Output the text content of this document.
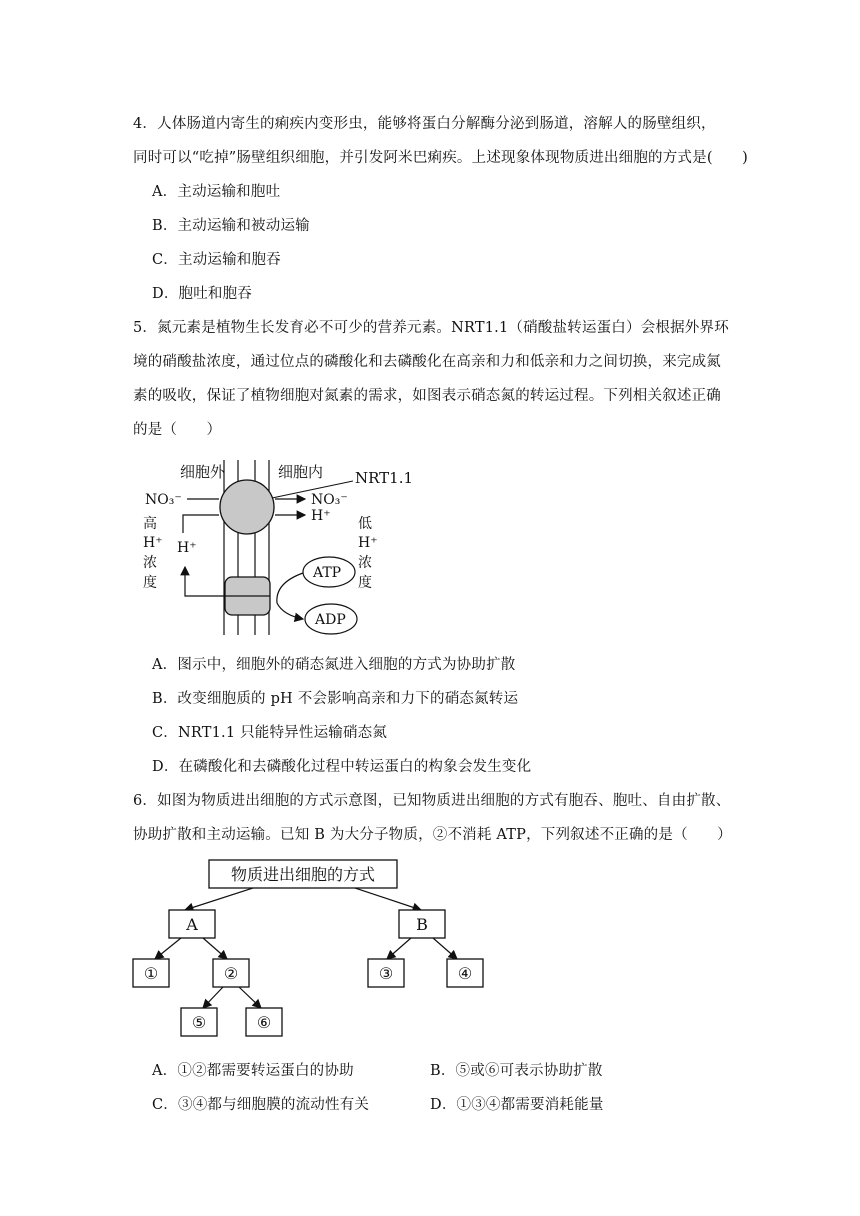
4．人体肠道内寄生的痢疾内变形虫，能够将蛋白分解酶分泌到肠道，溶解人的肠壁组织，
同时可以“吃掉”肠壁组织细胞，并引发阿米巴痢疾。上述现象体现物质进出细胞的方式是(　　)
A．主动运输和胞吐
B．主动运输和被动运输
C．主动运输和胞吞
D．胞吐和胞吞
5．氮元素是植物生长发育必不可少的营养元素。NRT1.1（硝酸盐转运蛋白）会根据外界环
境的硝酸盐浓度，通过位点的磷酸化和去磷酸化在高亲和力和低亲和力之间切换，来完成氮
素的吸收，保证了植物细胞对氮素的需求，如图表示硝态氮的转运过程。下列相关叙述正确
的是（　　）
细胞外	细胞内 NRT1.1
NO₃⁻	NO₃⁻
H⁺
H⁺
高
H⁺
浓
度
低
H⁺
浓
度
ATP
ADP
A．图示中，细胞外的硝态氮进入细胞的方式为协助扩散
B．改变细胞质的 pH 不会影响高亲和力下的硝态氮转运
C．NRT1.1 只能特异性运输硝态氮
D．在磷酸化和去磷酸化过程中转运蛋白的构象会发生变化
6．如图为物质进出细胞的方式示意图，已知物质进出细胞的方式有胞吞、胞吐、自由扩散、
协助扩散和主动运输。已知 B 为大分子物质，②不消耗 ATP，下列叙述不正确的是（　　）
物质进出细胞的方式
A	B
①	②	③	④
⑤	⑥
A．①②都需要转运蛋白的协助	B．⑤或⑥可表示协助扩散
C．③④都与细胞膜的流动性有关	D．①③④都需要消耗能量
